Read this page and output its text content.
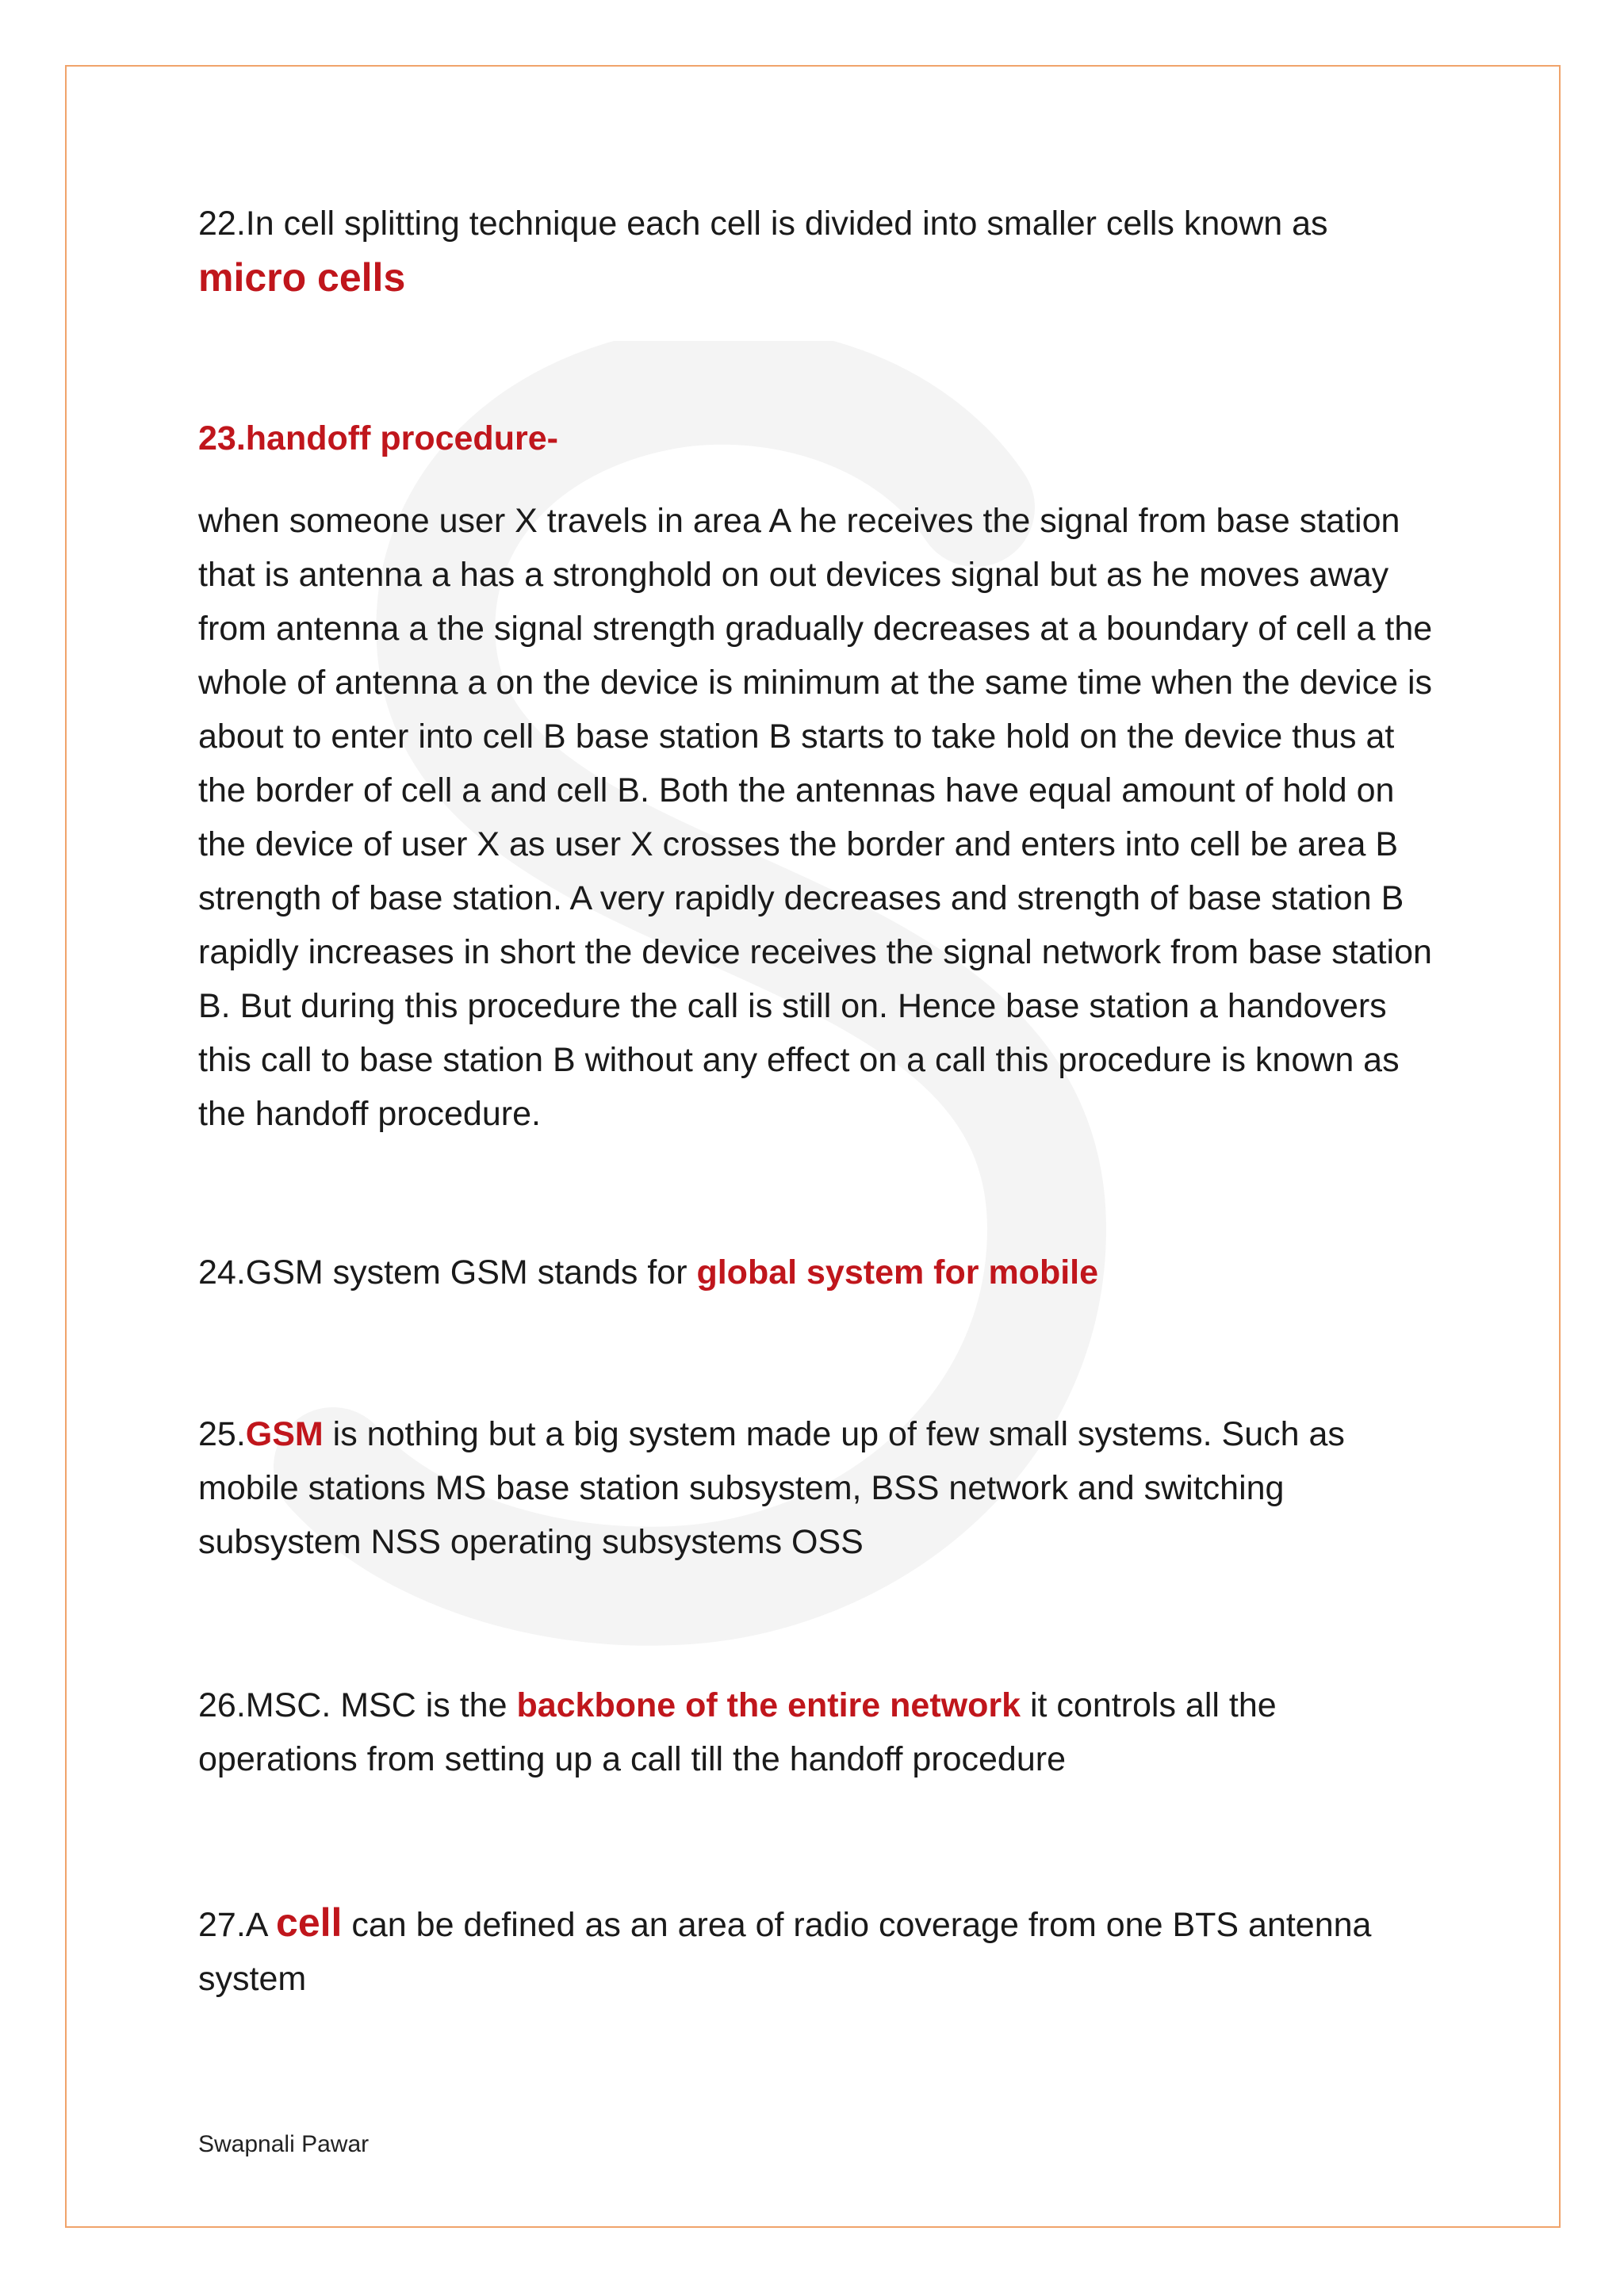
22.In cell splitting technique each cell is divided into smaller cells known as
micro cells

23.handoff procedure-

when someone user X travels in area A he receives the signal from base station that is antenna a has a stronghold on out devices signal but as he moves away from antenna a the signal strength gradually decreases at a boundary of cell a the whole of antenna a on the device is minimum at the same time when the device is about to enter into cell B base station B starts to take hold on the device thus at the border of cell a and cell B. Both the antennas have equal amount of hold on the device of user X as user X crosses the border and enters into cell be area B strength of base station. A very rapidly decreases and strength of base station B rapidly increases in short the device receives the signal network from base station B. But during this procedure the call is still on. Hence base station a handovers this call to base station B without any effect on a call this procedure is known as the handoff procedure.

24.GSM system GSM stands for global system for mobile

25.GSM is nothing but a big system made up of few small systems. Such as mobile stations MS base station subsystem, BSS network and switching subsystem NSS operating subsystems OSS

26.MSC. MSC is the backbone of the entire network it controls all the operations from setting up a call till the handoff procedure

27.A cell can be defined as an area of radio coverage from one BTS antenna system

Swapnali Pawar
